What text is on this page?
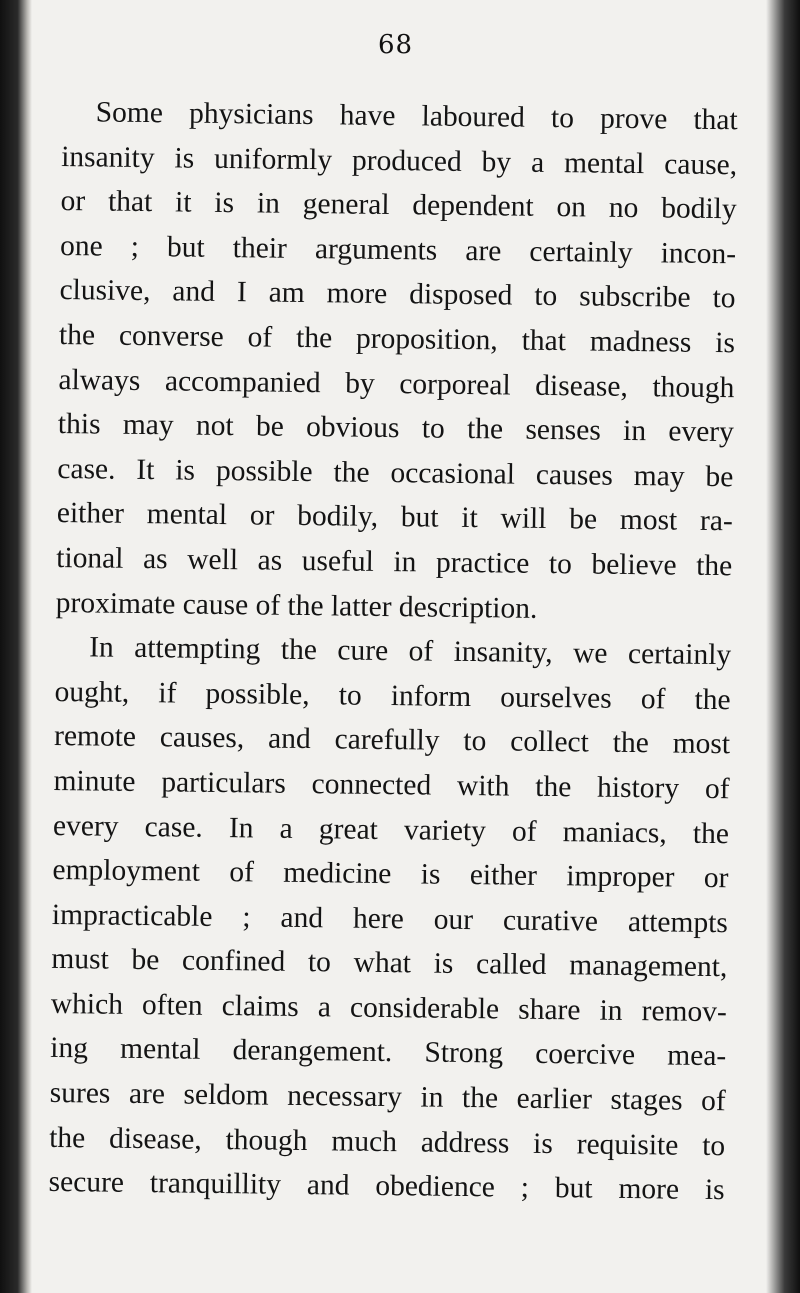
68
Some physicians have laboured to prove that
insanity is uniformly produced by a mental cause,
or that it is in general dependent on no bodily
one ; but their arguments are certainly incon-
clusive, and I am more disposed to subscribe to
the converse of the proposition, that madness is
always accompanied by corporeal disease, though
this may not be obvious to the senses in every
case. It is possible the occasional causes may be
either mental or bodily, but it will be most ra-
tional as well as useful in practice to believe the
proximate cause of the latter description.
In attempting the cure of insanity, we certainly
ought, if possible, to inform ourselves of the
remote causes, and carefully to collect the most
minute particulars connected with the history of
every case. In a great variety of maniacs, the
employment of medicine is either improper or
impracticable ; and here our curative attempts
must be confined to what is called management,
which often claims a considerable share in remov-
ing mental derangement. Strong coercive mea-
sures are seldom necessary in the earlier stages of
the disease, though much address is requisite to
secure tranquillity and obedience ; but more is
